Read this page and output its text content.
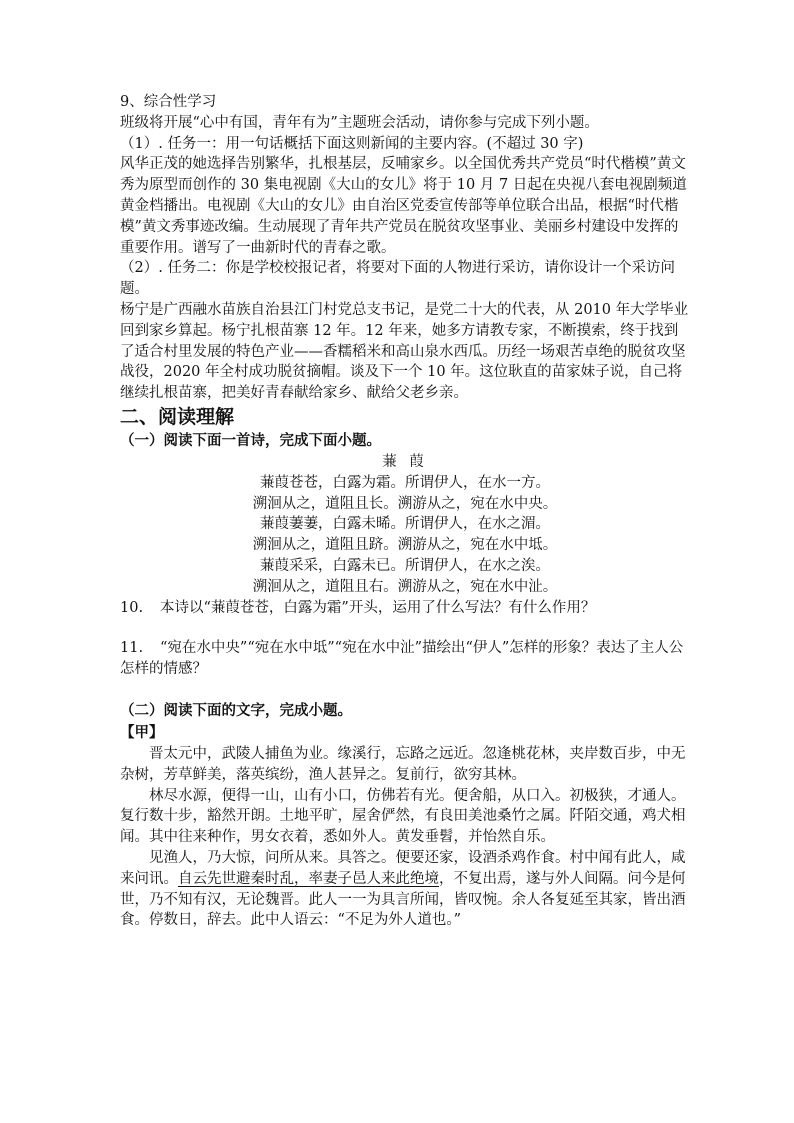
9、综合性学习

班级将开展“心中有国，青年有为”主题班会活动，请你参与完成下列小题。

（1）. 任务一：用一句话概括下面这则新闻的主要内容。(不超过 30 字)

风华正茂的她选择告别繁华，扎根基层，反哺家乡。以全国优秀共产党员“时代楷模”黄文秀为原型而创作的 30 集电视剧《大山的女儿》将于 10 月 7 日起在央视八套电视剧频道黄金档播出。电视剧《大山的女儿》由自治区党委宣传部等单位联合出品，根据“时代楷模”黄文秀事迹改编。生动展现了青年共产党员在脱贫攻坚事业、美丽乡村建设中发挥的重要作用。谱写了一曲新时代的青春之歌。

（2）. 任务二：你是学校校报记者，将要对下面的人物进行采访，请你设计一个采访问题。

杨宁是广西融水苗族自治县江门村党总支书记，是党二十大的代表，从 2010 年大学毕业回到家乡算起。杨宁扎根苗寨 12 年。12 年来，她多方请教专家，不断摸索，终于找到了适合村里发展的特色产业——香糯稻米和高山泉水西瓜。历经一场艰苦卓绝的脱贫攻坚战役，2020 年全村成功脱贫摘帽。谈及下一个 10 年。这位耿直的苗家妹子说，自己将继续扎根苗寨，把美好青春献给家乡、献给父老乡亲。

二、阅读理解

（一）阅读下面一首诗，完成下面小题。

蒹 葭

蒹葭苍苍，白露为霜。所谓伊人，在水一方。

溯洄从之，道阻且长。溯游从之，宛在水中央。

蒹葭萋萋，白露未晞。所谓伊人，在水之湄。

溯洄从之，道阻且跻。溯游从之，宛在水中坻。

蒹葭采采，白露未已。所谓伊人，在水之涘。

溯洄从之，道阻且右。溯游从之，宛在水中沚。

10. 本诗以“蒹葭苍苍，白露为霜”开头，运用了什么写法？有什么作用？

11. “宛在水中央”“宛在水中坻”“宛在水中沚”描绘出“伊人”怎样的形象？表达了主人公怎样的情感？

（二）阅读下面的文字，完成小题。

【甲】

晋太元中，武陵人捕鱼为业。缘溪行，忘路之远近。忽逢桃花林，夹岸数百步，中无杂树，芳草鲜美，落英缤纷，渔人甚异之。复前行，欲穷其林。

林尽水源，便得一山，山有小口，仿佛若有光。便舍船，从口入。初极狭，才通人。复行数十步，豁然开朗。土地平旷，屋舍俨然，有良田美池桑竹之属。阡陌交通，鸡犬相闻。其中往来种作，男女衣着，悉如外人。黄发垂髫，并怡然自乐。

见渔人，乃大惊，问所从来。具答之。便要还家，设酒杀鸡作食。村中闻有此人，咸来问讯。自云先世避秦时乱，率妻子邑人来此绝境，不复出焉，遂与外人间隔。问今是何世，乃不知有汉，无论魏晋。此人一一为具言所闻，皆叹惋。余人各复延至其家，皆出酒食。停数日，辞去。此中人语云：“不足为外人道也。”
